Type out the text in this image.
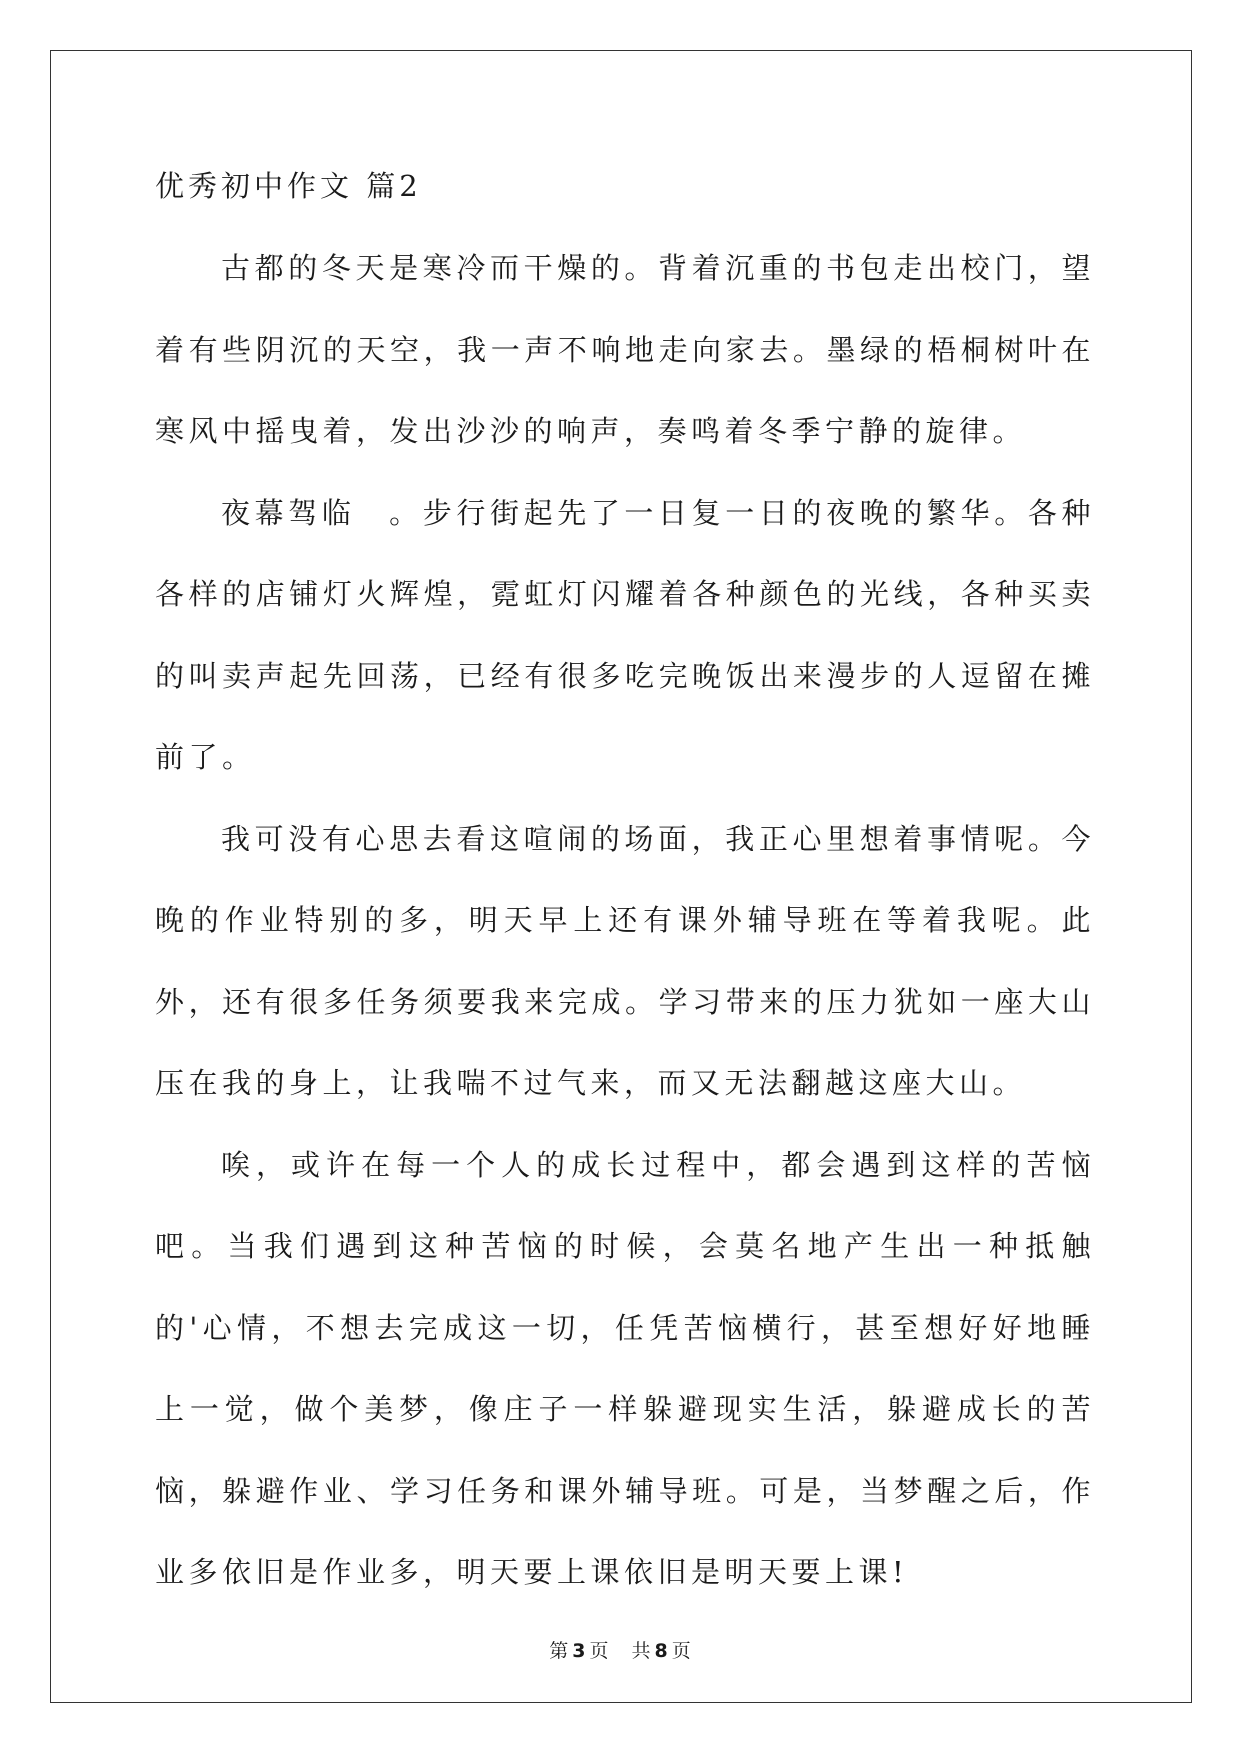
优秀初中作文 篇2

古都的冬天是寒冷而干燥的。背着沉重的书包走出校门，望着有些阴沉的天空，我一声不响地走向家去。墨绿的梧桐树叶在寒风中摇曳着，发出沙沙的响声，奏鸣着冬季宁静的旋律。

夜幕驾临　。步行街起先了一日复一日的夜晚的繁华。各种各样的店铺灯火辉煌，霓虹灯闪耀着各种颜色的光线，各种买卖的叫卖声起先回荡，已经有很多吃完晚饭出来漫步的人逗留在摊前了。

我可没有心思去看这喧闹的场面，我正心里想着事情呢。今晚的作业特别的多，明天早上还有课外辅导班在等着我呢。此外，还有很多任务须要我来完成。学习带来的压力犹如一座大山压在我的身上，让我喘不过气来，而又无法翻越这座大山。

唉，或许在每一个人的成长过程中，都会遇到这样的苦恼吧。当我们遇到这种苦恼的时候，会莫名地产生出一种抵触的'心情，不想去完成这一切，任凭苦恼横行，甚至想好好地睡上一觉，做个美梦，像庄子一样躲避现实生活，躲避成长的苦恼，躲避作业、学习任务和课外辅导班。可是，当梦醒之后，作业多依旧是作业多，明天要上课依旧是明天要上课!

第 3 页 共 8 页
